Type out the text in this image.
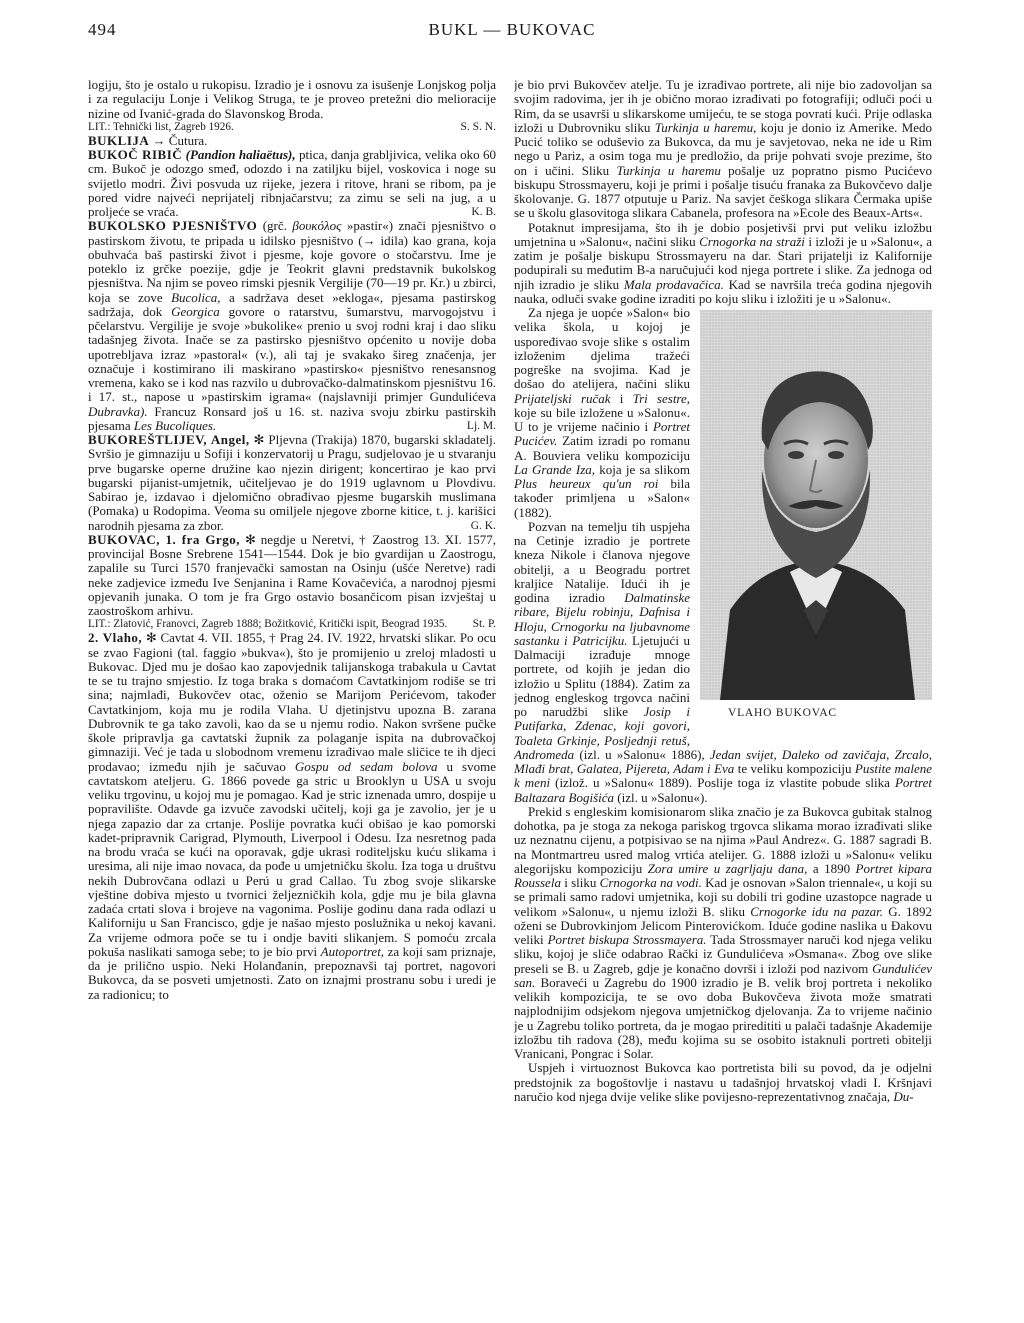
494	BUKL — BUKOVAC

logiju, što je ostalo u rukopisu. Izradio je i osnovu za isušenje Lonjskog polja i za regulaciju Lonje i Velikog Struga, te je proveo pretežni dio melioracije nizine od Ivanić-grada do Slavonskog Broda.

S. S. N.
LIT.: Tehnički list, Zagreb 1926.

BUKLIJA → Čutura.

BUKOČ RIBIČ (Pandion haliaëtus), ptica, danja grabljivica, velika oko 60 cm. Bukoč je odozgo smeđ, odozdo i na zatiljku bijel, voskovica i noge su svijetlo modri. Živi posvuda uz rijeke, jezera i ritove, hrani se ribom, pa je pored vidre najveći neprijatelj ribnjačarstvu; za zimu se seli na jug, a u proljeće se vraća.	K. B.

BUKOLSKO PJESNIŠTVO (grč. βουκόλος »pastir«) znači pjesništvo o pastirskom životu, te pripada u idilsko pjesništvo (→ idila) kao grana, koja obuhvaća baš pastirski život i pjesme, koje govore o stočarstvu. Ime je poteklo iz grčke poezije, gdje je Teokrit glavni predstavnik bukolskog pjesništva. Na njim se poveo rimski pjesnik Vergilije (70—19 pr. Kr.) u zbirci, koja se zove Bucolica, a sadržava deset »ekloga«, pjesama pastirskog sadržaja, dok Georgica govore o ratarstvu, šumarstvu, marvogojstvu i pčelarstvu. Vergilije je svoje »bukolike« prenio u svoj rodni kraj i dao sliku tadašnjeg života. Inače se za pastirsko pjesništvo općenito u novije doba upotrebljava izraz »pastoral« (v.), ali taj je svakako šireg značenja, jer označuje i kostimirano ili maskirano »pastirsko« pjesništvo renesansnog vremena, kako se i kod nas razvilo u dubrovačko-dalmatinskom pjesništvu 16. i 17. st., napose u »pastirskim igrama« (najslavniji primjer Gundulićeva Dubravka). Francuz Ronsard još u 16. st. naziva svoju zbirku pastirskih pjesama Les Bucoliques.	Lj. M.

BUKOREŠTLIJEV, Angel, ✻ Pljevna (Trakija) 1870, bugarski skladatelj. Svršio je gimnaziju u Sofiji i konzervatorij u Pragu, sudjelovao je u stvaranju prve bugarske operne družine kao njezin dirigent; koncertirao je kao prvi bugarski pijanist-umjetnik, učiteljevao je do 1919 uglavnom u Plovdivu. Sabirao je, izdavao i djelomično obrađivao pjesme bugarskih muslimana (Pomaka) u Rodopima. Veoma su omiljele njegove zborne kitice, t. j. karišici narodnih pjesama za zbor.	G. K.

BUKOVAC, 1. fra Grgo, ✻ negdje u Neretvi, † Zaostrog 13. XI. 1577, provincijal Bosne Srebrene 1541—1544. Dok je bio gvardijan u Zaostrogu, zapalile su Turci 1570 franjevački samostan na Osinju (ušće Neretve) radi neke zadjevice između Ive Senjanina i Rame Kovačevića, a narodnoj pjesmi opjevanih junaka. O tom je fra Grgo ostavio bosančicom pisan izvještaj u zaostroškom arhivu.

LIT.: Zlatović, Franovci, Zagreb 1888; Božitković, Kritički ispit, Beograd 1935. St. P.

2. Vlaho, ✻ Cavtat 4. VII. 1855, † Prag 24. IV. 1922, hrvatski slikar. Po ocu se zvao Fagioni (tal. faggio »bukva«), što je promijenio u zreloj mladosti u Bukovac. Djed mu je došao kao zapovjednik talijanskoga trabakula u Cavtat te se tu trajno smjestio. Iz toga braka s domaćom Cavtatkinjom rodiše se tri sina; najmlađi, Bukovčev otac, oženio se Marijom Perićevom, također Cavtatkinjom, koja mu je rodila Vlaha. U djetinjstvu upozna B. zarana Dubrovnik te ga tako zavoli, kao da se u njemu rodio. Nakon svršene pučke škole pripravlja ga cavtatski župnik za polaganje ispita na dubrovačkoj gimnaziji. Već je tada u slobodnom vremenu izrađivao male sličice te ih djeci prodavao; između njih je sačuvao Gospu od sedam bolova u svome cavtatskom ateljeru. G. 1866 povede ga stric u Brooklyn u USA u svoju veliku trgovinu, u kojoj mu je pomagao. Kad je stric iznenada umro, dospije u popravilište. Odavde ga izvuče zavodski učitelj, koji ga je zavolio, jer je u njega zapazio dar za crtanje. Poslije povratka kući obišao je kao pomorski kadet-pripravnik Carigrad, Plymouth, Liverpool i Odesu. Iza nesretnog pada na brodu vraća se kući na oporavak, gdje ukrasi roditeljsku kuću slikama i uresima, ali nije imao novaca, da pođe u umjetničku školu. Iza toga u društvu nekih Dubrovčana odlazi u Perú u grad Callao. Tu zbog svoje slikarske vještine dobiva mjesto u tvornici željezničkih kola, gdje mu je bila glavna zadaća crtati slova i brojeve na vagonima. Poslije godinu dana rada odlazi u Kaliforniju u San Francisco, gdje je našao mjesto poslužnika u nekoj kavani. Za vrijeme odmora poče se tu i ondje baviti slikanjem. S pomoću zrcala pokuša naslikati samoga sebe; to je bio prvi Autoportret, za koji sam priznaje, da je prilično uspio. Neki Holanđanin, prepoznavši taj portret, nagovori Bukovca, da se posveti umjetnosti. Zato on iznajmi prostranu sobu i uredi je za radionicu; to

je bio prvi Bukovčev atelje. Tu je izrađivao portrete, ali nije bio zadovoljan sa svojim radovima, jer ih je obično morao izrađivati po fotografiji; odluči poći u Rim, da se usavrši u slikarskome umijeću, te se stoga povrati kući. Prije odlaska izloži u Dubrovniku sliku Turkinja u haremu, koju je donio iz Amerike. Medo Pucić toliko se oduševio za Bukovca, da mu je savjetovao, neka ne ide u Rim nego u Pariz, a osim toga mu je predložio, da prije pohvati svoje prezime, što on i učini. Sliku Turkinja u haremu pošalje uz popratno pismo Pucićevo biskupu Strossmayeru, koji je primi i pošalje tisuću franaka za Bukovčevo dalje školovanje. G. 1877 otputuje u Pariz. Na savjet češkoga slikara Čermaka upiše se u školu glasovitoga slikara Cabanela, profesora na »Ecole des Beaux-Arts«.

Potaknut impresijama, što ih je dobio posjetivši prvi put veliku izložbu umjetnina u »Salonu«, načini sliku Crnogorka na straži i izloži je u »Salonu«, a zatim je pošalje biskupu Strossmayeru na dar. Stari prijatelji iz Kalifornije podupirali su međutim B-a naručujući kod njega portrete i slike. Za jednoga od njih izradio je sliku Mala prodavačica. Kad se navršila treća godina njegovih nauka, odluči svake godine izraditi po koju sliku i izložiti je u »Salonu«.

VLAHO BUKOVAC

Za njega je uopće »Salon« bio velika škola, u kojoj je uspoređivao svoje slike s ostalim izloženim djelima tražeći pogreške na svojima. Kad je došao do atelijera, načini sliku Prijateljski ručak i Tri sestre, koje su bile izložene u »Salonu«. U to je vrijeme načinio i Portret Pucićev. Zatim izradi po romanu A. Bouviera veliku kompoziciju La Grande Iza, koja je sa slikom Plus heureux qu'un roi bila također primljena u »Salon« (1882).

Pozvan na temelju tih uspjeha na Cetinje izradio je portrete kneza Nikole i članova njegove obitelji, a u Beogradu portret kraljice Natalije. Idući ih je godina izradio Dalmatinske ribare, Bijelu robinju, Dafnisa i Hloju, Crnogorku na ljubavnome sastanku i Patricijku. Ljetujući u Dalmaciji izrađuje mnoge portrete, od kojih je jedan dio izložio u Splitu (1884). Zatim za jednog engleskog trgovca načini po narudžbi slike Josip i Putifarka, Zdenac, koji govori, Toaleta Grkinje, Posljednji retuš, Andromeda (izl. u »Salonu« 1886), Jedan svijet, Daleko od zavičaja, Zrcalo, Mlađi brat, Galatea, Pijereta, Adam i Eva te veliku kompoziciju Pustite malene k meni (izlož. u »Salonu« 1889). Poslije toga iz vlastite pobude slika Portret Baltazara Bogišića (izl. u »Salonu«).

Prekid s engleskim komisionarom slika značio je za Bukovca gubitak stalnog dohotka, pa je stoga za nekoga pariskog trgovca slikama morao izrađivati slike uz neznatnu cijenu, a potpisivao se na njima »Paul Andrez«. G. 1887 sagradi B. na Montmartreu usred malog vrtića atelijer. G. 1888 izloži u »Salonu« veliku alegorijsku kompoziciju Zora umire u zagrljaju dana, a 1890 Portret kipara Roussela i sliku Crnogorka na vodi. Kad je osnovan »Salon triennale«, u koji su se primali samo radovi umjetnika, koji su dobili tri godine uzastopce nagrade u velikom »Salonu«, u njemu izloži B. sliku Crnogorke idu na pazar. G. 1892 oženi se Dubrovkinjom Jelicom Pinterovićkom. Iduće godine naslika u Đakovu veliki Portret biskupa Strossmayera. Tada Strossmayer naruči kod njega veliku sliku, kojoj je sliče odabrao Rački iz Gundulićeva »Osmana«. Zbog ove slike preseli se B. u Zagreb, gdje je konačno dovrši i izloži pod nazivom Gundulićev san. Boraveći u Zagrebu do 1900 izradio je B. velik broj portreta i nekoliko velikih kompozicija, te se ovo doba Bukovčeva života može smatrati najplodnijim odsjekom njegova umjetničkog djelovanja. Za to vrijeme načinio je u Zagrebu toliko portreta, da je mogao priredititi u palači tadašnje Akademije izložbu tih radova (28), među kojima su se osobito istaknuli portreti obitelji Vranicani, Pongrac i Solar.

Uspjeh i virtuoznost Bukovca kao portretista bili su povod, da je odjelni predstojnik za bogoštovlje i nastavu u tadašnjoj hrvatskoj vladi I. Kršnjavi naručio kod njega dvije velike slike povijesno-reprezentativnog značaja, Du-
